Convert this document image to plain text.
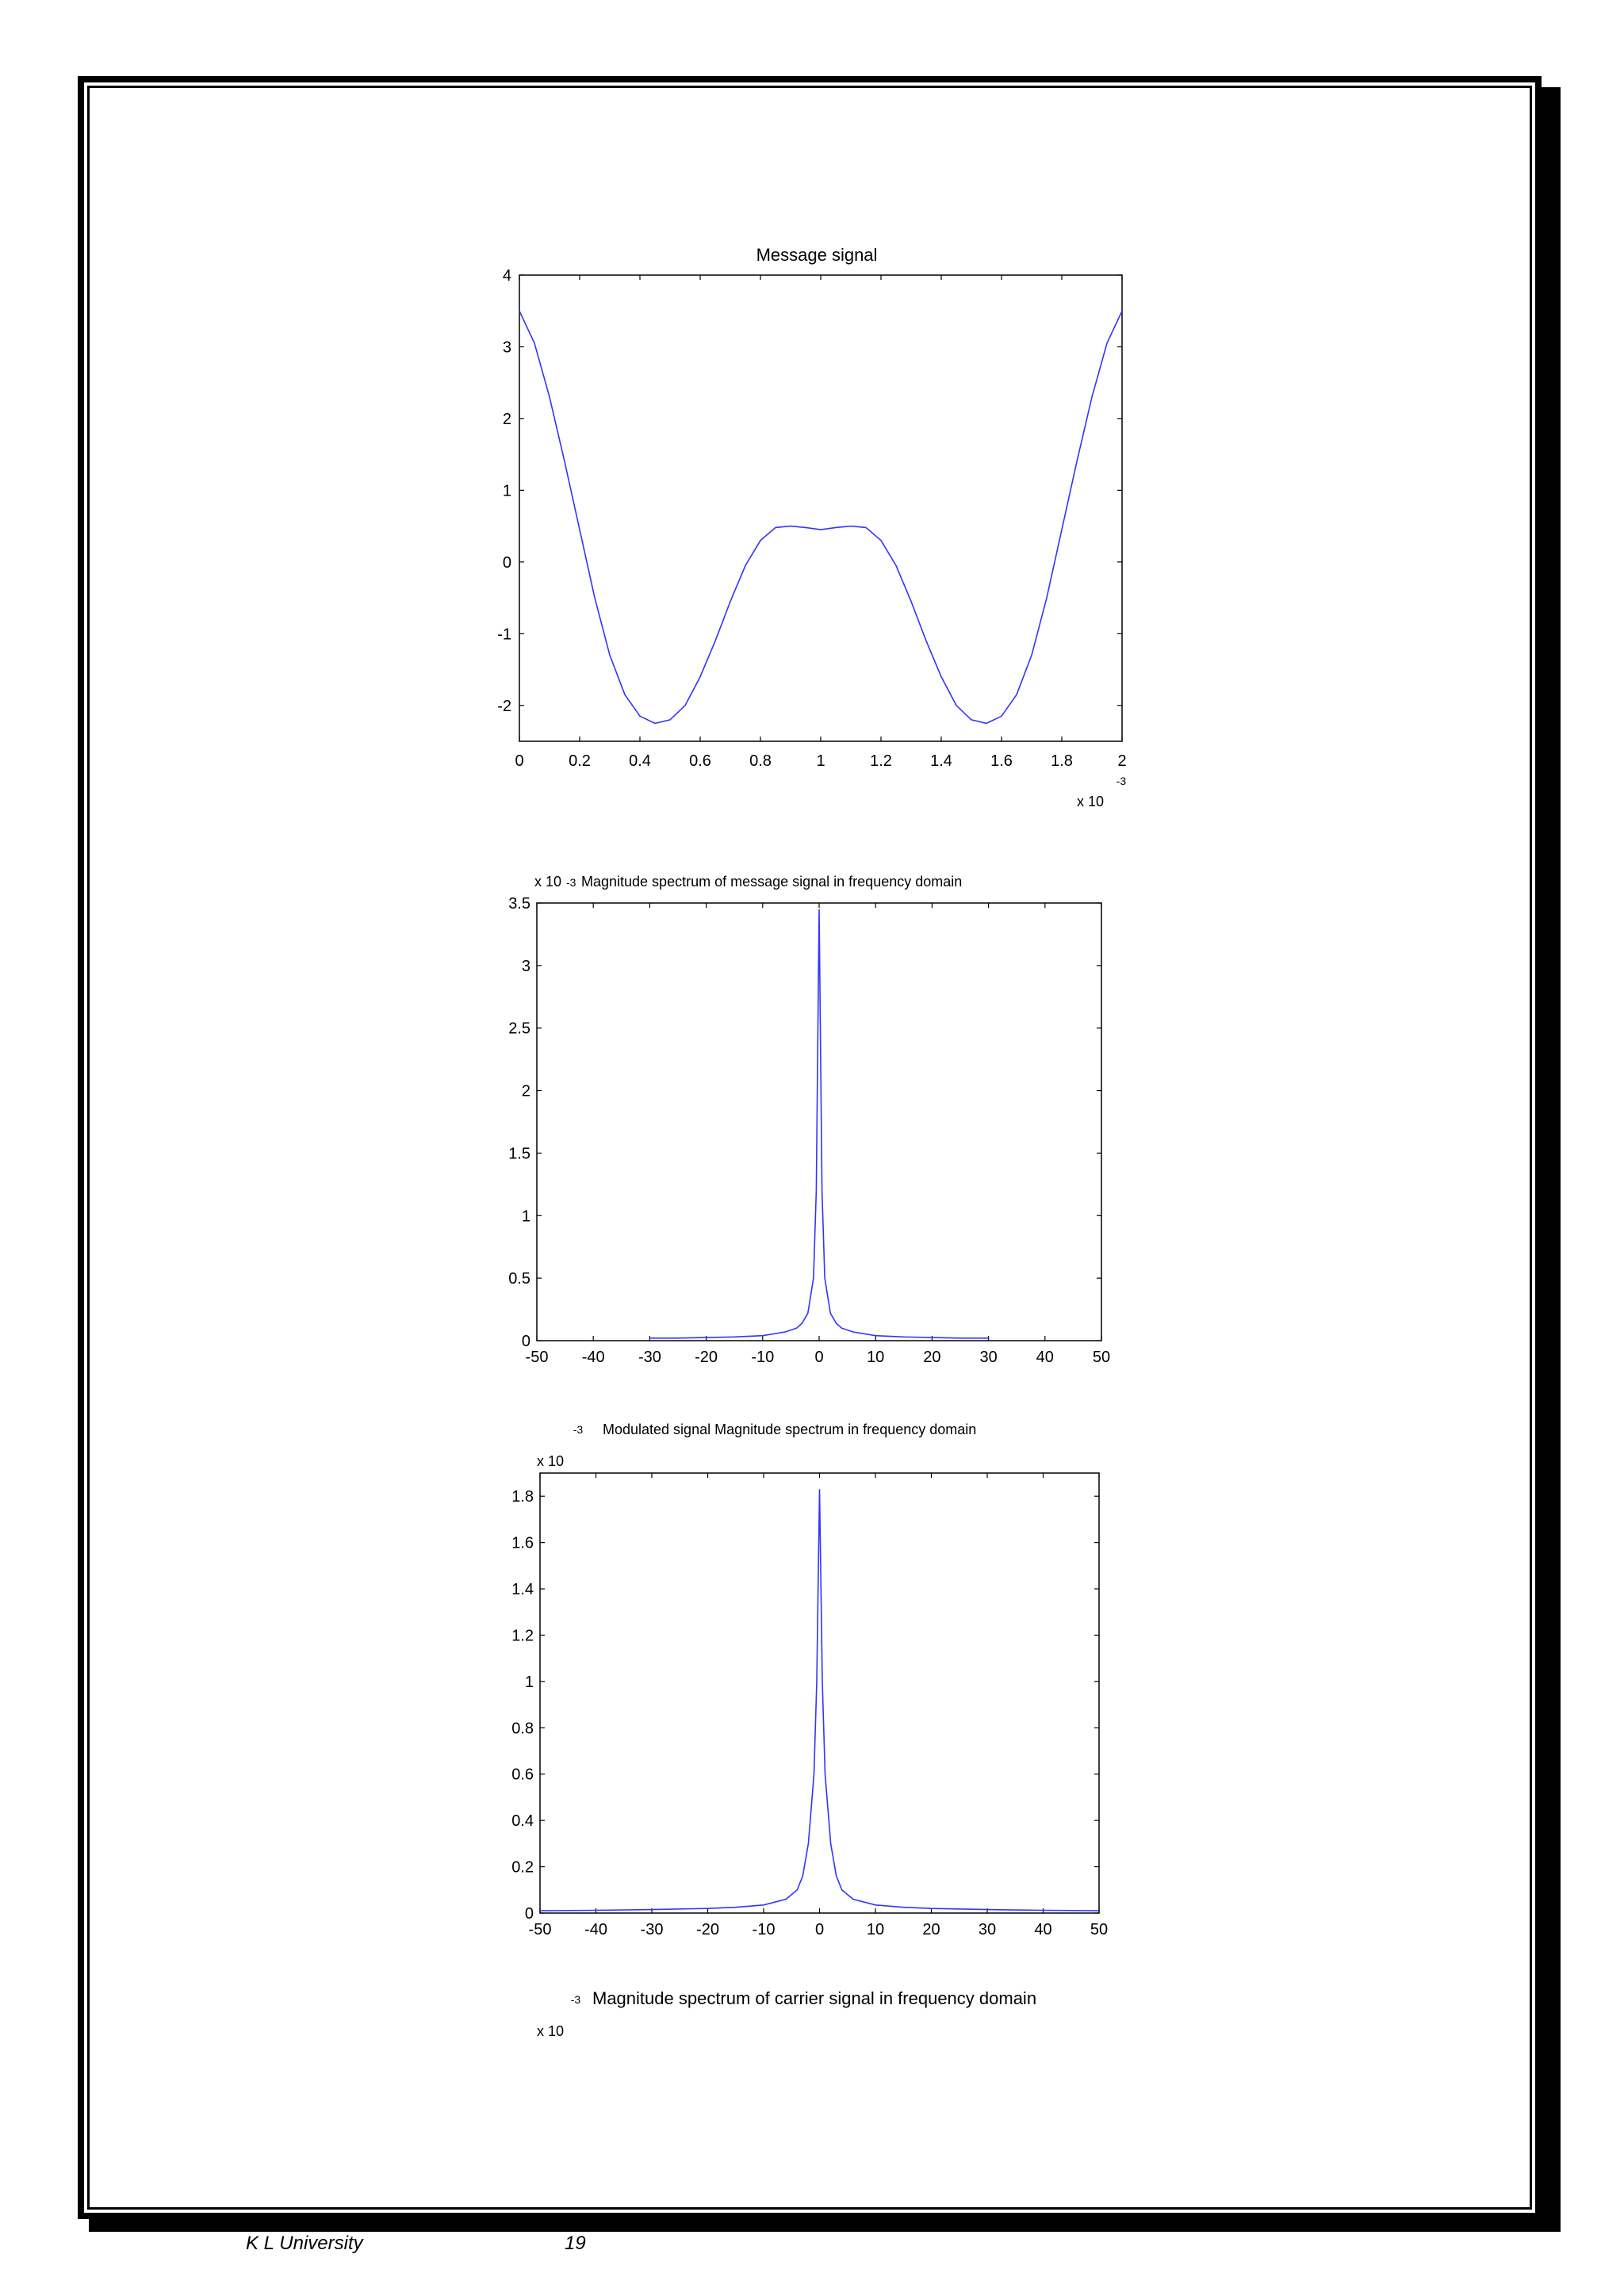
Message signal
0	0.2 0.4 0.6 0.8	1	1.2 1.4 1.6 1.8	2
4
3
2
1
0
-1
-2
-3
x 10
x 10 -3 Magnitude spectrum of message signal in frequency domain
-50 -40 -30 -20 -10	0	10 20 30 40 50
3.5
3
2.5
2
1.5
1
0.5
0
-3 Modulated signal Magnitude spectrum in frequency domain
x 10
-50 -40 -30 -20 -10	0	10 20 30 40 50
1.8
1.6
1.4
1.2
1
0.8
0.6
0.4
0.2
0
-3 Magnitude spectrum of carrier signal in frequency domain
x 10
K L University	19
